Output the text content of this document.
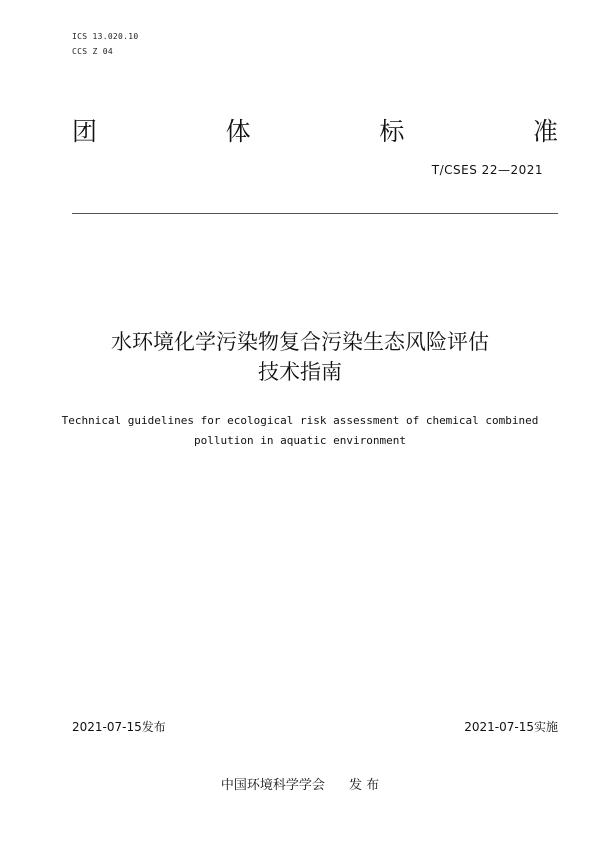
ICS 13.020.10
CCS Z 04
团	体	标	准
T/CSES 22—2021
水环境化学污染物复合污染生态风险评估
技术指南
Technical guidelines for ecological risk assessment of chemical combined
pollution in aquatic environment
2021-07-15发布	2021-07-15实施
中国环境科学学会 发 布
